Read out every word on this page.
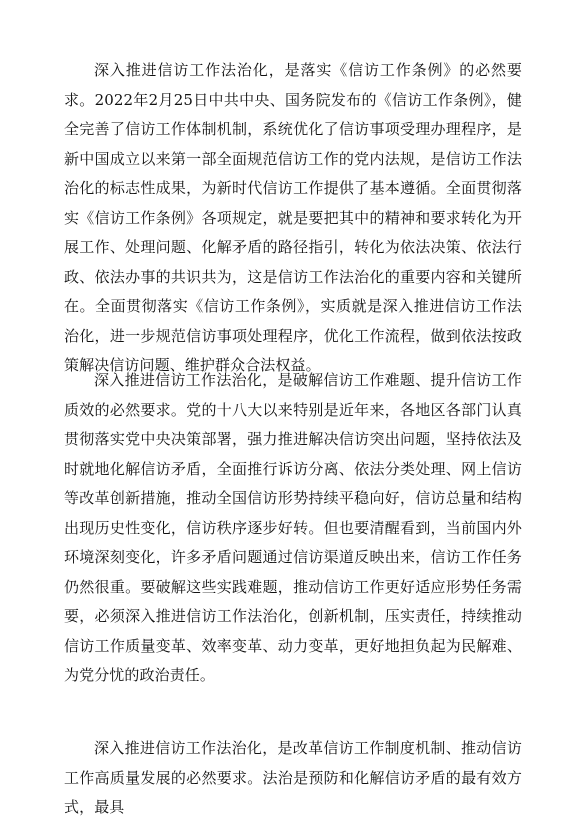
深入推进信访工作法治化，是落实《信访工作条例》的必然要求。2022年2月25日中共中央、国务院发布的《信访工作条例》，健全完善了信访工作体制机制，系统优化了信访事项受理办理程序，是新中国成立以来第一部全面规范信访工作的党内法规，是信访工作法治化的标志性成果，为新时代信访工作提供了基本遵循。全面贯彻落实《信访工作条例》各项规定，就是要把其中的精神和要求转化为开展工作、处理问题、化解矛盾的路径指引，转化为依法决策、依法行政、依法办事的共识共为，这是信访工作法治化的重要内容和关键所在。全面贯彻落实《信访工作条例》，实质就是深入推进信访工作法治化，进一步规范信访事项处理程序，优化工作流程，做到依法按政策解决信访问题、维护群众合法权益。

深入推进信访工作法治化，是破解信访工作难题、提升信访工作质效的必然要求。党的十八大以来特别是近年来，各地区各部门认真贯彻落实党中央决策部署，强力推进解决信访突出问题，坚持依法及时就地化解信访矛盾，全面推行诉访分离、依法分类处理、网上信访等改革创新措施，推动全国信访形势持续平稳向好，信访总量和结构出现历史性变化，信访秩序逐步好转。但也要清醒看到，当前国内外环境深刻变化，许多矛盾问题通过信访渠道反映出来，信访工作任务仍然很重。要破解这些实践难题，推动信访工作更好适应形势任务需要，必须深入推进信访工作法治化，创新机制，压实责任，持续推动信访工作质量变革、效率变革、动力变革，更好地担负起为民解难、为党分忧的政治责任。

深入推进信访工作法治化，是改革信访工作制度机制、推动信访工作高质量发展的必然要求。法治是预防和化解信访矛盾的最有效方式，最具
